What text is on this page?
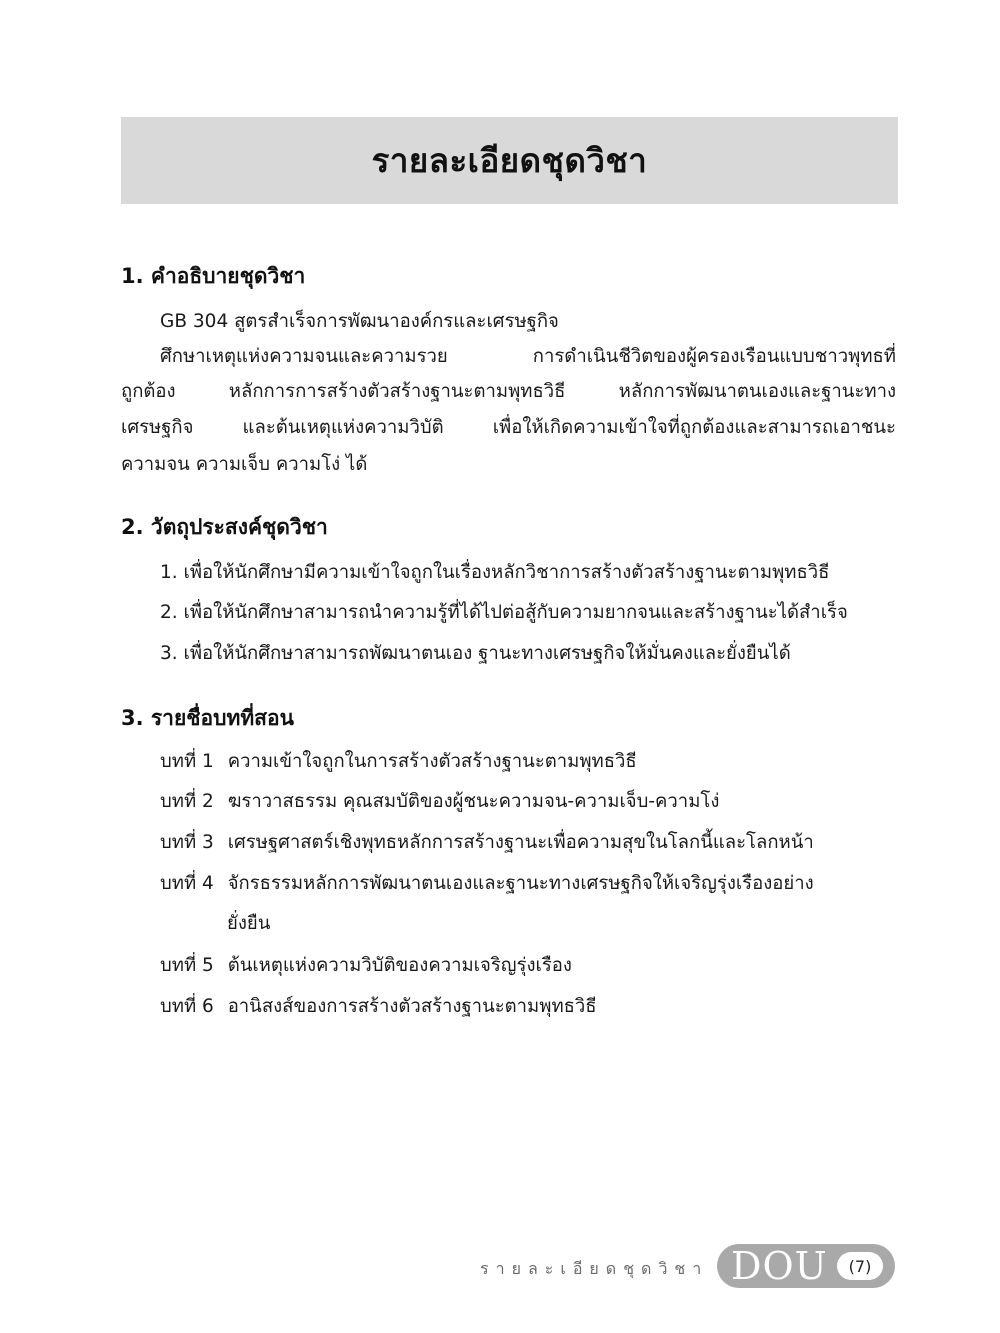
รายละเอียดชุดวิชา
1. คำอธิบายชุดวิชา

GB 304 สูตรสำเร็จการพัฒนาองค์กรและเศรษฐกิจ

ศึกษาเหตุแห่งความจนและความรวย การดำเนินชีวิตของผู้ครองเรือนแบบชาวพุทธที่

ถูกต้อง หลักการการสร้างตัวสร้างฐานะตามพุทธวิธี หลักการพัฒนาตนเองและฐานะทาง

เศรษฐกิจ และต้นเหตุแห่งความวิบัติ เพื่อให้เกิดความเข้าใจที่ถูกต้องและสามารถเอาชนะ

ความจน ความเจ็บ ความโง่ ได้

2. วัตถุประสงค์ชุดวิชา

1. เพื่อให้นักศึกษามีความเข้าใจถูกในเรื่องหลักวิชาการสร้างตัวสร้างฐานะตามพุทธวิธี

2. เพื่อให้นักศึกษาสามารถนำความรู้ที่ได้ไปต่อสู้กับความยากจนและสร้างฐานะได้สำเร็จ

3. เพื่อให้นักศึกษาสามารถพัฒนาตนเอง ฐานะทางเศรษฐกิจให้มั่นคงและยั่งยืนได้

3. รายชื่อบทที่สอน
บทที่ 1 ความเข้าใจถูกในการสร้างตัวสร้างฐานะตามพุทธวิธี
บทที่ 2 ฆราวาสธรรม คุณสมบัติของผู้ชนะความจน-ความเจ็บ-ความโง่
บทที่ 3 เศรษฐศาสตร์เชิงพุทธหลักการสร้างฐานะเพื่อความสุขในโลกนี้และโลกหน้า
บทที่ 4 จักรธรรมหลักการพัฒนาตนเองและฐานะทางเศรษฐกิจให้เจริญรุ่งเรืองอย่าง
ยั่งยืน
บทที่ 5 ต้นเหตุแห่งความวิบัติของความเจริญรุ่งเรือง
บทที่ 6 อานิสงส์ของการสร้างตัวสร้างฐานะตามพุทธวิธี
รายละเอียดชุดวิชา DOU	(7)
